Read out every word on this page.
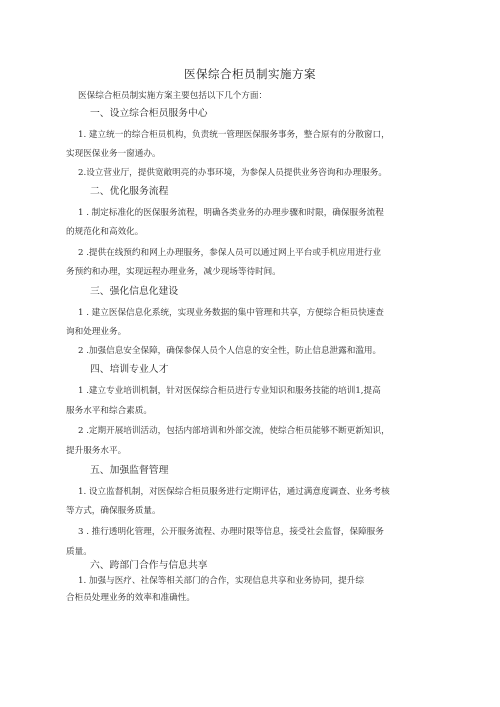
医保综合柜员制实施方案
医保综合柜员制实施方案主要包括以下几个方面：
一、设立综合柜员服务中心
1. 建立统一的综合柜员机构，负责统一管理医保服务事务，整合原有的分散窗口，
实现医保业务一窗通办。
2.设立营业厅，提供宽敞明亮的办事环境，为参保人员提供业务咨询和办理服务。
二、优化服务流程
1 . 制定标准化的医保服务流程，明确各类业务的办理步骤和时限，确保服务流程
的规范化和高效化。
2 .提供在线预约和网上办理服务，参保人员可以通过网上平台或手机应用进行业
务预约和办理，实现远程办理业务，减少现场等待时间。
三、强化信息化建设
1 . 建立医保信息化系统，实现业务数据的集中管理和共享，方便综合柜员快速查
询和处理业务。
2 .加强信息安全保障，确保参保人员个人信息的安全性，防止信息泄露和滥用。
四、培训专业人才
1 .建立专业培训机制，针对医保综合柜员进行专业知识和服务技能的培训1,提高
服务水平和综合素质。
2 .定期开展培训活动，包括内部培训和外部交流，使综合柜员能够不断更新知识，
提升服务水平。
五、加强监督管理
1. 设立监督机制，对医保综合柜员服务进行定期评估，通过满意度调查、业务考核
等方式，确保服务质量。
3 . 推行透明化管理，公开服务流程、办理时限等信息，接受社会监督，保障服务
质量。
六、跨部门合作与信息共享
1. 加强与医疗、社保等相关部门的合作，实现信息共享和业务协同，提升综
合柜员处理业务的效率和准确性。
